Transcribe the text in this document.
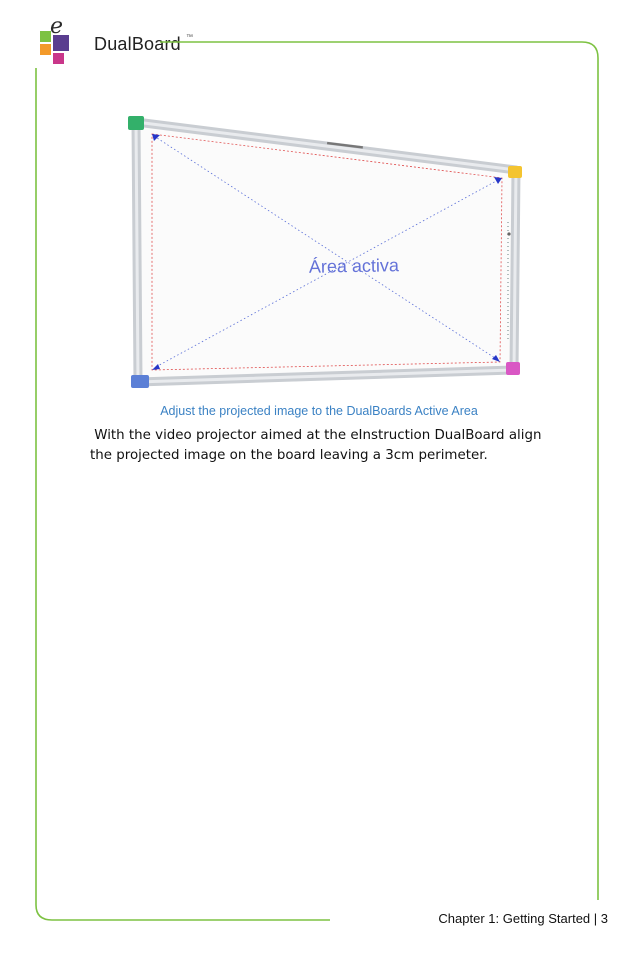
e
DualBoard ™
Área activa
Adjust the projected image to the DualBoards Active Area
With the video projector aimed at the eInstruction DualBoard align
the projected image on the board leaving a 3cm perimeter.
Chapter 1: Getting Started | 3
